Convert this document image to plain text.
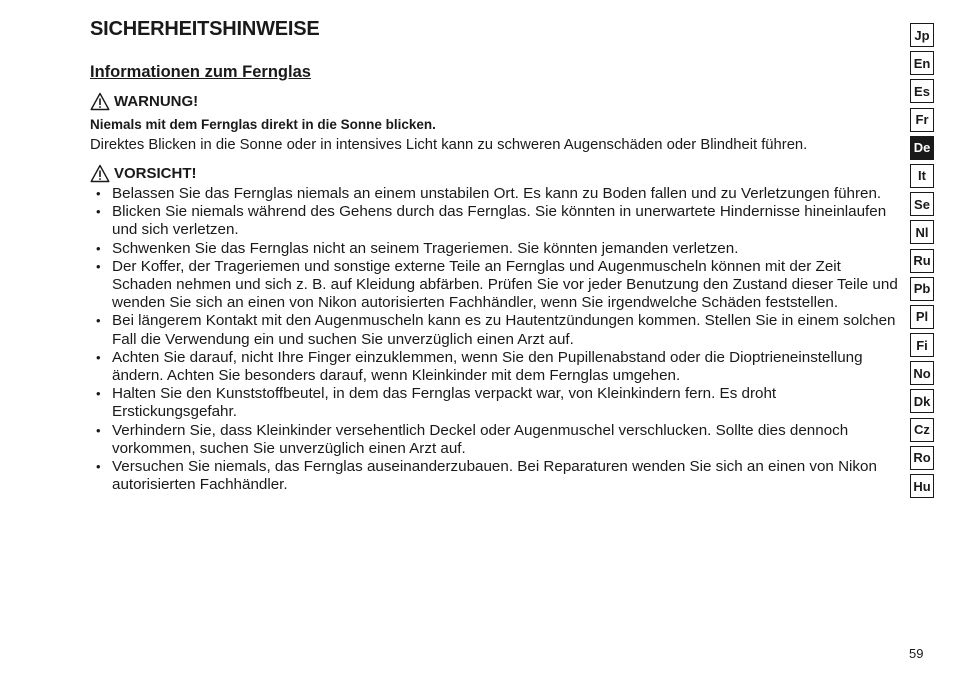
SICHERHEITSHINWEISE
Informationen zum Fernglas
WARNUNG!

Niemals mit dem Fernglas direkt in die Sonne blicken.

Direktes Blicken in die Sonne oder in intensives Licht kann zu schweren Augenschäden oder Blindheit führen.

VORSICHT!
• Belassen Sie das Fernglas niemals an einem unstabilen Ort. Es kann zu Boden fallen und zu Verletzungen führen.
• Blicken Sie niemals während des Gehens durch das Fernglas. Sie könnten in unerwartete Hindernisse hineinlaufen und sich verletzen.
• Schwenken Sie das Fernglas nicht an seinem Trageriemen. Sie könnten jemanden verletzen.
• Der Koffer, der Trageriemen und sonstige externe Teile an Fernglas und Augenmuscheln können mit der Zeit Schaden nehmen und sich z. B. auf Kleidung abfärben. Prüfen Sie vor jeder Benutzung den Zustand dieser Teile und wenden Sie sich an einen von Nikon autorisierten Fachhändler, wenn Sie irgendwelche Schäden feststellen.
• Bei längerem Kontakt mit den Augenmuscheln kann es zu Hautentzündungen kommen. Stellen Sie in einem solchen Fall die Verwendung ein und suchen Sie unverzüglich einen Arzt auf.
• Achten Sie darauf, nicht Ihre Finger einzuklemmen, wenn Sie den Pupillenabstand oder die Dioptrieneinstellung ändern. Achten Sie besonders darauf, wenn Kleinkinder mit dem Fernglas umgehen.
• Halten Sie den Kunststoffbeutel, in dem das Fernglas verpackt war, von Kleinkindern fern. Es droht Erstickungsgefahr.
• Verhindern Sie, dass Kleinkinder versehentlich Deckel oder Augenmuschel verschlucken. Sollte dies dennoch vorkommen, suchen Sie unverzüglich einen Arzt auf.
• Versuchen Sie niemals, das Fernglas auseinanderzubauen. Bei Reparaturen wenden Sie sich an einen von Nikon autorisierten Fachhändler.
Jp
En
Es
Fr
De
It
Se
Nl
Ru
Pb
Pl
Fi
No
Dk
Cz
Ro
Hu
59
